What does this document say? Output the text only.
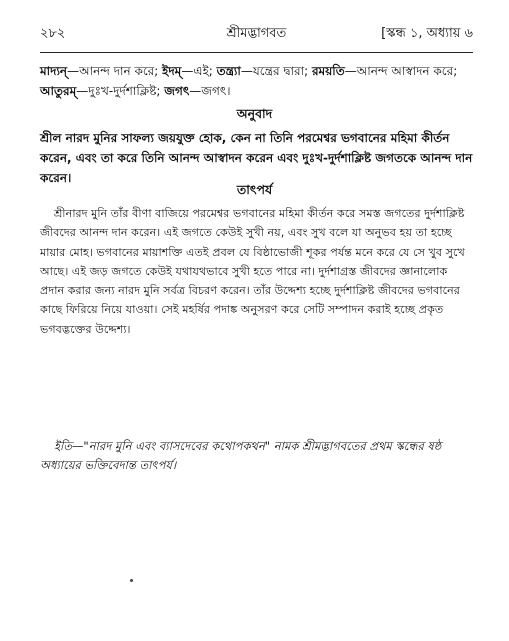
২৮২	শ্রীমদ্ভাগবত	[স্কন্ধ ১, অধ্যায় ৬
মাদ্যন্—আনন্দ দান করে; ইদম্—এই; তন্ত্র্যা—যন্ত্রের দ্বারা; রময়তি—আনন্দ আস্বাদন করে; আতুরম্—দুঃখ-দুর্দশাক্লিষ্ট; জগৎ—জগৎ।
অনুবাদ
শ্রীল নারদ মুনির সাফল্য জয়যুক্ত হোক, কেন না তিনি পরমেশ্বর ভগবানের মহিমা কীর্তন করেন, এবং তা করে তিনি আনন্দ আস্বাদন করেন এবং দুঃখ-দুর্দশাক্লিষ্ট জগতকে আনন্দ দান করেন।
তাৎপর্য
শ্রীনারদ মুনি তাঁর বীণা বাজিয়ে পরমেশ্বর ভগবানের মহিমা কীর্তন করে সমস্ত জগতের দুর্দশাক্লিষ্ট জীবদের আনন্দ দান করেন। এই জগতে কেউই সুখী নয়, এবং সুখ বলে যা অনুভব হয় তা হচ্ছে মায়ার মোহ। ভগবানের মায়াশক্তি এতই প্রবল যে বিষ্ঠাভোজী শূকর পর্যন্ত মনে করে যে সে খুব সুখে আছে। এই জড় জগতে কেউই যথাযথভাবে সুখী হতে পারে না। দুর্দশাগ্রস্ত জীবদের জ্ঞানালোক প্রদান করার জন্য নারদ মুনি সর্বত্র বিচরণ করেন। তাঁর উদ্দেশ্য হচ্ছে দুর্দশাক্লিষ্ট জীবদের ভগবানের কাছে ফিরিয়ে নিয়ে যাওয়া। সেই মহর্ষির পদাঙ্ক অনুসরণ করে সেটি সম্পাদন করাই হচ্ছে প্রকৃত ভগবদ্ভক্তের উদ্দেশ্য।
ইতি—"নারদ মুনি এবং ব্যাসদেবের কথোপকথন" নামক শ্রীমদ্ভাগবতের প্রথম স্কন্ধের ষষ্ঠ অধ্যায়ের ভক্তিবেদান্ত তাৎপর্য।
